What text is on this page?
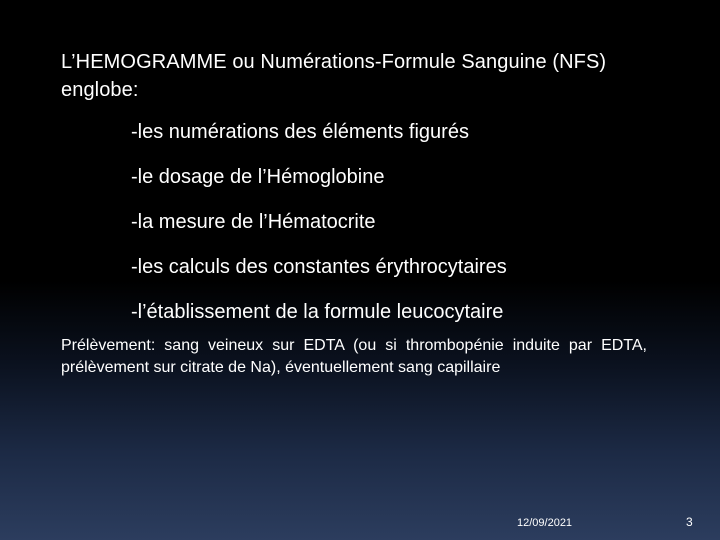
L’HEMOGRAMME ou Numérations-Formule Sanguine (NFS) englobe:
-les numérations des éléments figurés
-le dosage de l’Hémoglobine
-la mesure de l’Hématocrite
-les calculs des constantes érythrocytaires
-l’établissement de la formule leucocytaire
Prélèvement: sang veineux sur EDTA (ou si thrombopénie induite par EDTA, prélèvement sur citrate de Na), éventuellement sang capillaire
12/09/2021	3
